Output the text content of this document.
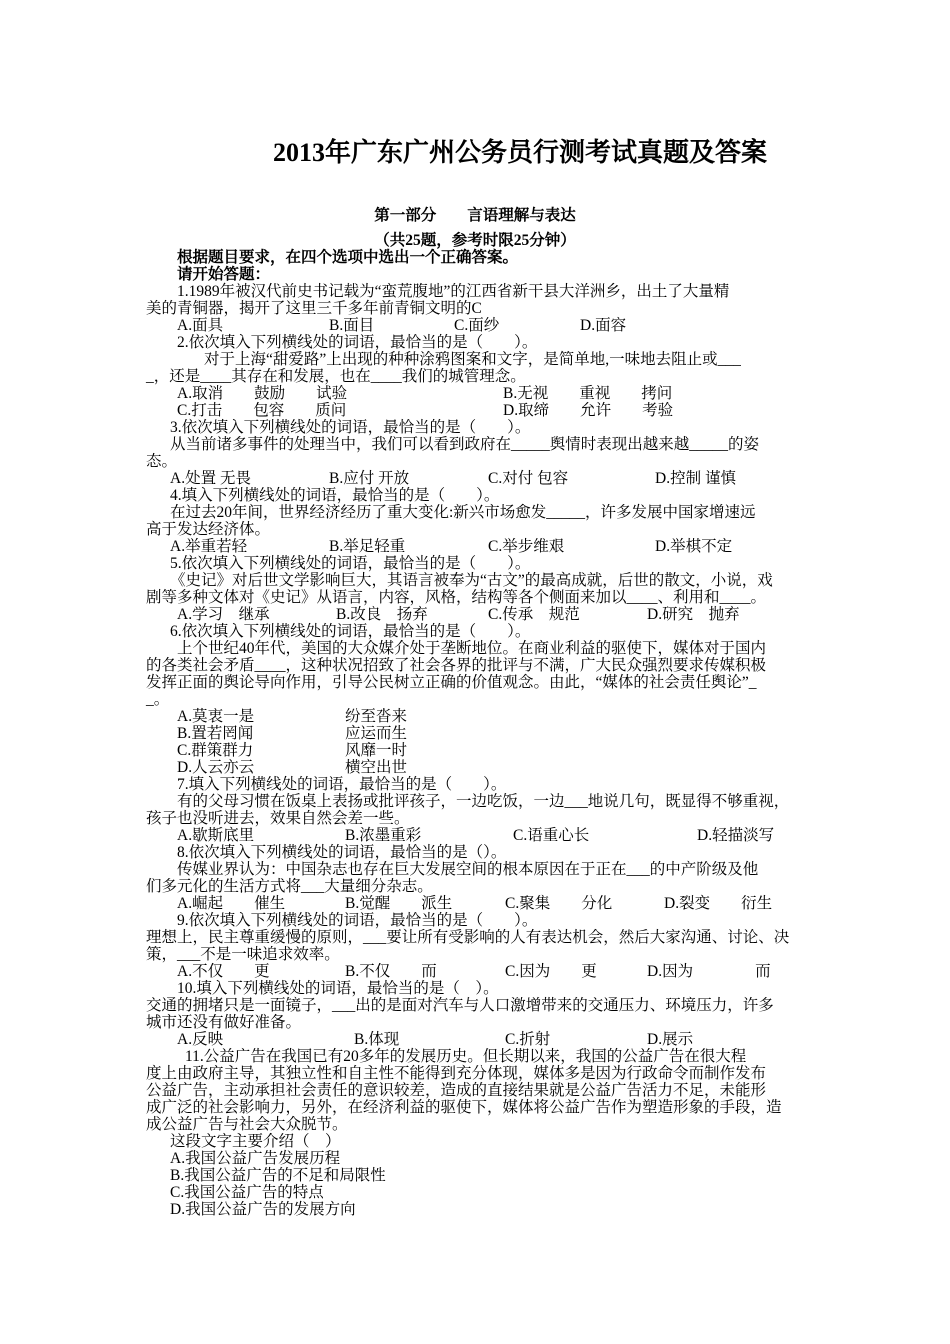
2013年广东广州公务员行测考试真题及答案
第一部分　　言语理解与表达
（共25题，参考时限25分钟）
根据题目要求，在四个选项中选出一个正确答案。
请开始答题：
1.1989年被汉代前史书记载为“蛮荒腹地”的江西省新干县大洋洲乡，出土了大量精
美的青铜器，揭开了这里三千多年前青铜文明的C
A.面具	B.面目	C.面纱	D.面容
2.依次填入下列横线处的词语，最恰当的是（　　）。
对于上海“甜爱路”上出现的种种涂鸦图案和文字，是简单地,一味地去阻止或___
_，还是____其存在和发展，也在____我们的城管理念。
A.取消　　鼓励　　试验	B.无视　　重视　　拷问
C.打击　　包容　　质问	D.取缔　　允许　　考验
3.依次填入下列横线处的词语，最恰当的是（　　）。
从当前诸多事件的处理当中，我们可以看到政府在_____舆情时表现出越来越_____的姿
态。
A.处置 无畏	B.应付 开放	C.对付 包容	D.控制 谨慎
4.填入下列横线处的词语，最恰当的是（　　）。
在过去20年间，世界经济经历了重大变化:新兴市场愈发_____，许多发展中国家增速远
高于发达经济体。
A.举重若轻	B.举足轻重	C.举步维艰	D.举棋不定
5.依次填入下列横线处的词语，最恰当的是（　　）。
《史记》对后世文学影响巨大，其语言被奉为“古文”的最高成就，后世的散文，小说，戏
剧等多种文体对《史记》从语言，内容，风格，结构等各个侧面来加以____、利用和____。
A.学习　继承	B.改良　扬弃	C.传承　规范	D.研究　抛弃
6.依次填入下列横线处的词语，最恰当的是（　　）。
上个世纪40年代，美国的大众媒介处于垄断地位。在商业利益的驱使下，媒体对于国内
的各类社会矛盾____，这种状况招致了社会各界的批评与不满，广大民众强烈要求传媒积极
发挥正面的舆论导向作用，引导公民树立正确的价值观念。由此，“媒体的社会责任舆论”_
_。
A.莫衷一是	纷至沓来
B.置若罔闻	应运而生
C.群策群力	风靡一时
D.人云亦云	横空出世
7.填入下列横线处的词语，最恰当的是（　　）。
有的父母习惯在饭桌上表扬或批评孩子，一边吃饭，一边___地说几句，既显得不够重视，
孩子也没听进去，效果自然会差一些。
A.歇斯底里	B.浓墨重彩	C.语重心长	D.轻描淡写
8.依次填入下列横线处的词语，最恰当的是（）。
传媒业界认为：中国杂志也存在巨大发展空间的根本原因在于正在___的中产阶级及他
们多元化的生活方式将___大量细分杂志。
A.崛起　　催生	B.觉醒　　派生	C.聚集　　分化	D.裂变　　衍生
9.依次填入下列横线处的词语，最恰当的是（　　）。
理想上，民主尊重缓慢的原则，___要让所有受影响的人有表达机会，然后大家沟通、讨论、决
策，___不是一味追求效率。
A.不仅　　更	B.不仅　　而	C.因为　　更	D.因为　　　　而
10.填入下列横线处的词语，最恰当的是（　）。
交通的拥堵只是一面镜子，___出的是面对汽车与人口激增带来的交通压力、环境压力，许多
城市还没有做好准备。
A.反映	B.体现	C.折射	D.展示
11.公益广告在我国已有20多年的发展历史。但长期以来，我国的公益广告在很大程
度上由政府主导，其独立性和自主性不能得到充分体现，媒体多是因为行政命令而制作发布
公益广告，主动承担社会责任的意识较差，造成的直接结果就是公益广告活力不足，未能形
成广泛的社会影响力，另外，在经济利益的驱使下，媒体将公益广告作为塑造形象的手段，造
成公益广告与社会大众脱节。
这段文字主要介绍（　）
A.我国公益广告发展历程
B.我国公益广告的不足和局限性
C.我国公益广告的特点
D.我国公益广告的发展方向
